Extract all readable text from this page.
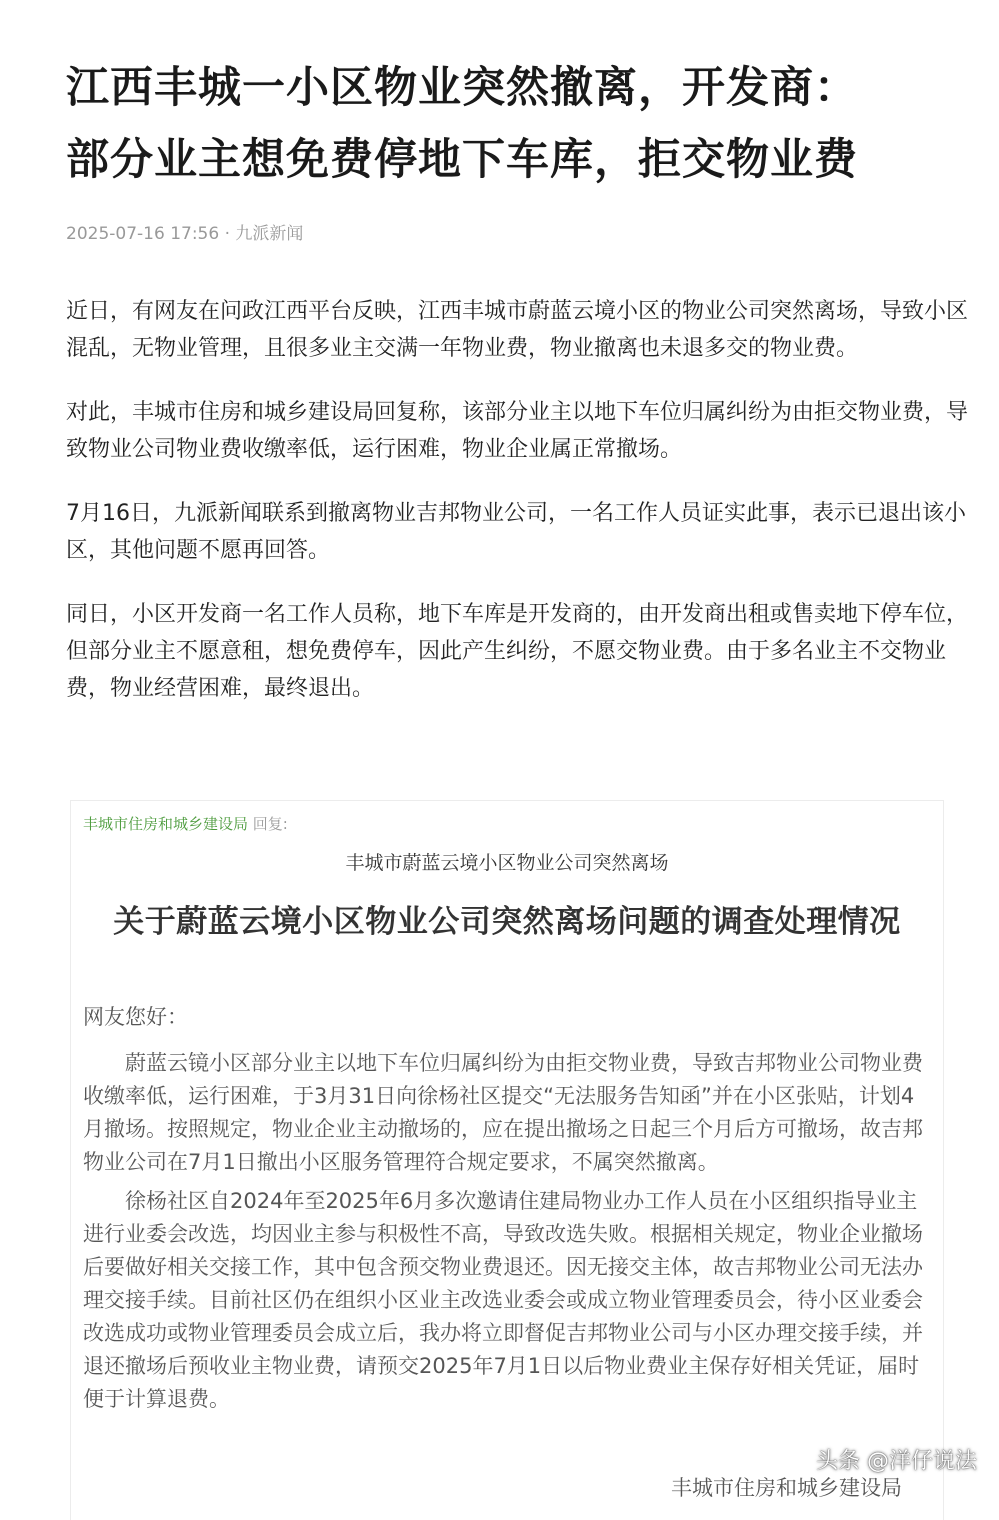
江西丰城一小区物业突然撤离，开发商：
部分业主想免费停地下车库，拒交物业费
2025-07-16 17:56 · 九派新闻

近日，有网友在问政江西平台反映，江西丰城市蔚蓝云境小区的物业公司突然离场，导致小区混乱，无物业管理，且很多业主交满一年物业费，物业撤离也未退多交的物业费。

对此，丰城市住房和城乡建设局回复称，该部分业主以地下车位归属纠纷为由拒交物业费，导致物业公司物业费收缴率低，运行困难，物业企业属正常撤场。

7月16日，九派新闻联系到撤离物业吉邦物业公司，一名工作人员证实此事，表示已退出该小区，其他问题不愿再回答。

同日，小区开发商一名工作人员称，地下车库是开发商的，由开发商出租或售卖地下停车位，但部分业主不愿意租，想免费停车，因此产生纠纷，不愿交物业费。由于多名业主不交物业费，物业经营困难，最终退出。

丰城市住房和城乡建设局 回复:
丰城市蔚蓝云境小区物业公司突然离场
关于蔚蓝云境小区物业公司突然离场问题的调查处理情况
网友您好：

蔚蓝云镜小区部分业主以地下车位归属纠纷为由拒交物业费，导致吉邦物业公司物业费收缴率低，运行困难，于3月31日向徐杨社区提交“无法服务告知函”并在小区张贴，计划4月撤场。按照规定，物业企业主动撤场的，应在提出撤场之日起三个月后方可撤场，故吉邦物业公司在7月1日撤出小区服务管理符合规定要求，不属突然撤离。

徐杨社区自2024年至2025年6月多次邀请住建局物业办工作人员在小区组织指导业主进行业委会改选，均因业主参与积极性不高，导致改选失败。根据相关规定，物业企业撤场后要做好相关交接工作，其中包含预交物业费退还。因无接交主体，故吉邦物业公司无法办理交接手续。目前社区仍在组织小区业主改选业委会或成立物业管理委员会，待小区业委会改选成功或物业管理委员会成立后，我办将立即督促吉邦物业公司与小区办理交接手续，并退还撤场后预收业主物业费，请预交2025年7月1日以后物业费业主保存好相关凭证，届时便于计算退费。

丰城市住房和城乡建设局
头条 @洋仔说法
